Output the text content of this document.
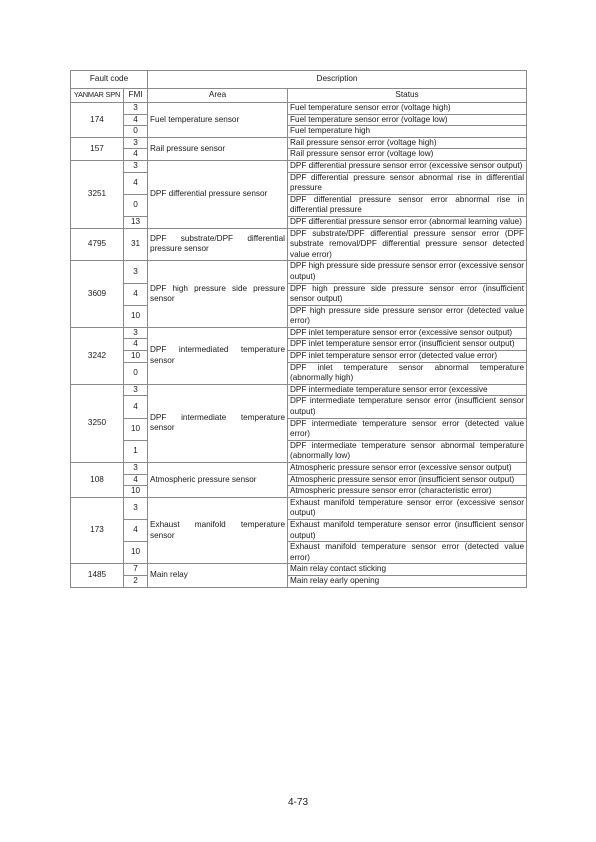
Fault code		Description	
YANMAR SPN	FMI	Area	Status
174	3	Fuel temperature sensor	Fuel temperature sensor error (voltage high)
	4		Fuel temperature sensor error (voltage low)
	0		Fuel temperature high
157	3	Rail pressure sensor	Rail pressure sensor error (voltage high)
	4		Rail pressure sensor error (voltage low)
3251	3	DPF differential pressure sensor	DPF differential pressure sensor error (excessive sensor output)
	4		DPF differential pressure sensor abnormal rise in differential pressure
	0		DPF differential pressure sensor error abnormal rise in differential pressure
	13		DPF differential pressure sensor error (abnormal learning value)
4795	31	DPF substrate/DPF differential pressure sensor	DPF substrate/DPF differential pressure sensor error (DPF substrate removal/DPF differential pressure sensor detected value error)
3609	3	DPF high pressure side pressure sensor	DPF high pressure side pressure sensor error (excessive sensor output)
	4		DPF high pressure side pressure sensor error (insufficient sensor output)
	10		DPF high pressure side pressure sensor error (detected value error)
3242	3	DPF intermediated temperature sensor	DPF inlet temperature sensor error (excessive sensor output)
	4		DPF inlet temperature sensor error (insufficient sensor output)
	10		DPF inlet temperature sensor error (detected value error)
	0		DPF inlet temperature sensor abnormal temperature (abnormally high)
3250	3	DPF intermediate temperature sensor	DPF intermediate temperature sensor error (excessive
	4		DPF intermediate temperature sensor error (insufficient sensor output)
	10		DPF intermediate temperature sensor error (detected value error)
	1		DPF intermediate temperature sensor abnormal temperature (abnormally low)
108	3	Atmospheric pressure sensor	Atmospheric pressure sensor error (excessive sensor output)
	4		Atmospheric pressure sensor error (insufficient sensor output)
	10		Atmospheric pressure sensor error (characteristic error)
173	3	Exhaust manifold temperature sensor	Exhaust manifold temperature sensor error (excessive sensor output)
	4		Exhaust manifold temperature sensor error (insufficient sensor output)
	10		Exhaust manifold temperature sensor error (detected value error)
1485	7	Main relay	Main relay contact sticking
	2		Main relay early opening
4-73
